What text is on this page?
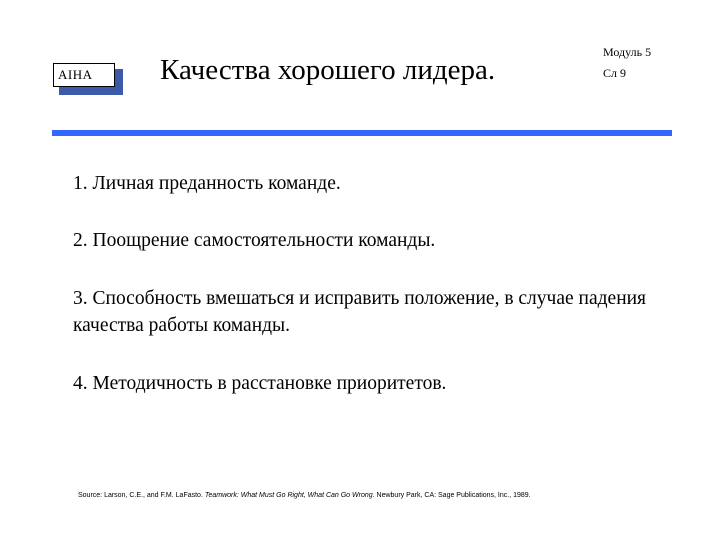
AIHA	Качества хорошего лидера.
Модуль 5
Сл 9
1. Личная преданность команде.
2. Поощрение самостоятельности команды.
3. Способность вмешаться и исправить положение, в случае падения качества работы команды.
4. Методичность в расстановке приоритетов.
Source: Larson, C.E., and F.M. LaFasto. Teamwork: What Must Go Right, What Can Go Wrong. Newbury Park, CA: Sage Publications, Inc., 1989.
